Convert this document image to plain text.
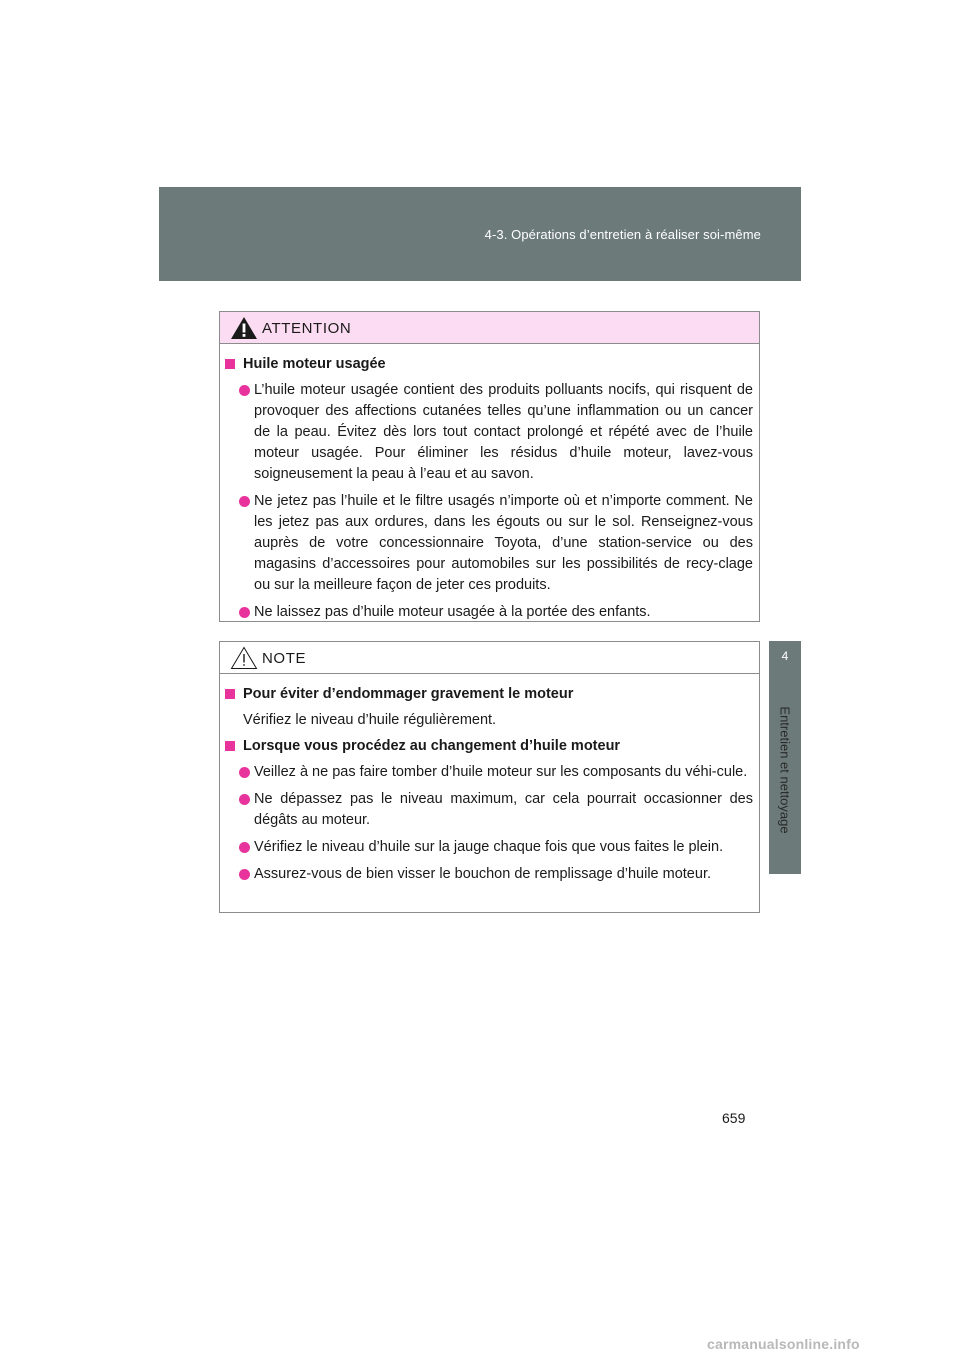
4-3. Opérations d’entretien à réaliser soi-même
4
Entretien et nettoyage
ATTENTION
Huile moteur usagée
L’huile moteur usagée contient des produits polluants nocifs, qui risquent de provoquer des affections cutanées telles qu’une inflammation ou un cancer de la peau. Évitez dès lors tout contact prolongé et répété avec de l’huile moteur usagée. Pour éliminer les résidus d’huile moteur, lavez-vous soigneusement la peau à l’eau et au savon.
Ne jetez pas l’huile et le filtre usagés n’importe où et n’importe comment. Ne les jetez pas aux ordures, dans les égouts ou sur le sol. Renseignez-vous auprès de votre concessionnaire Toyota, d’une station-service ou des magasins d’accessoires pour automobiles sur les possibilités de recy-clage ou sur la meilleure façon de jeter ces produits.
Ne laissez pas d’huile moteur usagée à la portée des enfants.
NOTE
Pour éviter d’endommager gravement le moteur
Vérifiez le niveau d’huile régulièrement.
Lorsque vous procédez au changement d’huile moteur
Veillez à ne pas faire tomber d’huile moteur sur les composants du véhi-cule.
Ne dépassez pas le niveau maximum, car cela pourrait occasionner des dégâts au moteur.
Vérifiez le niveau d’huile sur la jauge chaque fois que vous faites le plein.
Assurez-vous de bien visser le bouchon de remplissage d’huile moteur.
659
carmanualsonline.info
